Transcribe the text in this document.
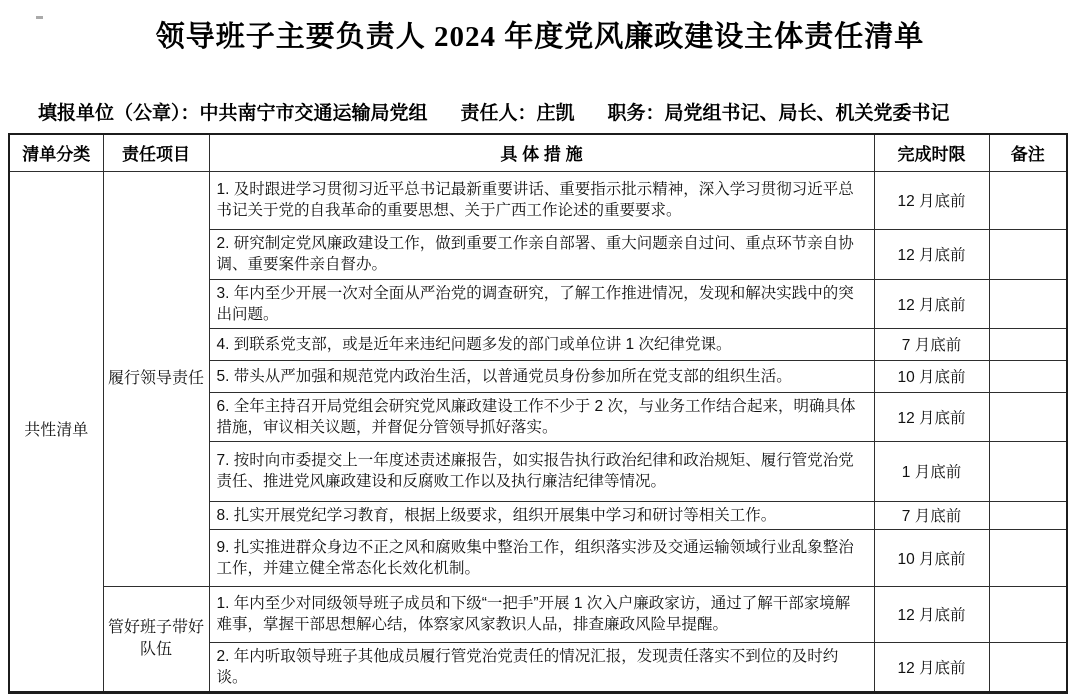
领导班子主要负责人 2024 年度党风廉政建设主体责任清单
填报单位（公章）：中共南宁市交通运输局党组 责任人：庄凯 职务：局党组书记、局长、机关党委书记
清单分类	责任项目	具 体 措 施	完成时限	备注
共性清单	履行领导责任	1. 及时跟进学习贯彻习近平总书记最新重要讲话、重要指示批示精神，深入学习贯彻习近平总书记关于党的自我革命的重要思想、关于广西工作论述的重要要求。	12 月底前	
		2. 研究制定党风廉政建设工作，做到重要工作亲自部署、重大问题亲自过问、重点环节亲自协调、重要案件亲自督办。	12 月底前	
		3. 年内至少开展一次对全面从严治党的调查研究，了解工作推进情况，发现和解决实践中的突出问题。	12 月底前	
		4. 到联系党支部，或是近年来违纪问题多发的部门或单位讲 1 次纪律党课。	7 月底前	
		5. 带头从严加强和规范党内政治生活，以普通党员身份参加所在党支部的组织生活。	10 月底前	
		6. 全年主持召开局党组会研究党风廉政建设工作不少于 2 次，与业务工作结合起来，明确具体措施，审议相关议题，并督促分管领导抓好落实。	12 月底前	
		7. 按时向市委提交上一年度述责述廉报告，如实报告执行政治纪律和政治规矩、履行管党治党责任、推进党风廉政建设和反腐败工作以及执行廉洁纪律等情况。	1 月底前	
		8. 扎实开展党纪学习教育，根据上级要求，组织开展集中学习和研讨等相关工作。	7 月底前	
		9. 扎实推进群众身边不正之风和腐败集中整治工作，组织落实涉及交通运输领域行业乱象整治工作，并建立健全常态化长效化机制。	10 月底前	
	管好班子带好队伍	1. 年内至少对同级领导班子成员和下级“一把手”开展 1 次入户廉政家访，通过了解干部家境解难事，掌握干部思想解心结，体察家风家教识人品，排查廉政风险早提醒。	12 月底前	
		2. 年内听取领导班子其他成员履行管党治党责任的情况汇报，发现责任落实不到位的及时约谈。	12 月底前	
